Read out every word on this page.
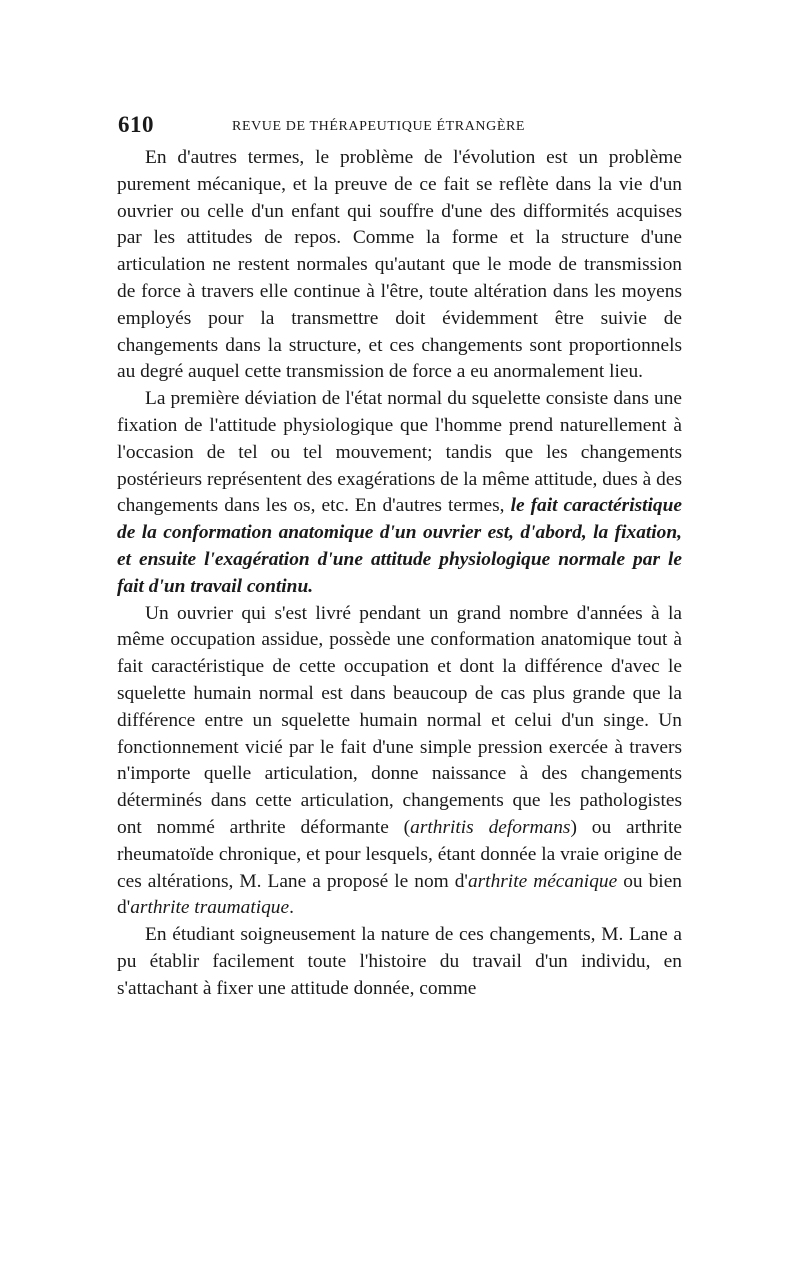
610	REVUE DE THÉRAPEUTIQUE ÉTRANGÈRE

En d'autres termes, le problème de l'évolution est un problème purement mécanique, et la preuve de ce fait se reflète dans la vie d'un ouvrier ou celle d'un enfant qui souffre d'une des difformités acquises par les attitudes de repos. Comme la forme et la structure d'une articulation ne restent normales qu'autant que le mode de transmission de force à travers elle continue à l'être, toute altération dans les moyens employés pour la transmettre doit évidemment être suivie de changements dans la structure, et ces changements sont proportionnels au degré auquel cette transmission de force a eu anormalement lieu.

La première déviation de l'état normal du squelette consiste dans une fixation de l'attitude physiologique que l'homme prend naturellement à l'occasion de tel ou tel mouvement; tandis que les changements postérieurs représentent des exagérations de la même attitude, dues à des changements dans les os, etc. En d'autres termes, le fait caractéristique de la conformation anatomique d'un ouvrier est, d'abord, la fixation, et ensuite l'exagération d'une attitude physiologique normale par le fait d'un travail continu.

Un ouvrier qui s'est livré pendant un grand nombre d'années à la même occupation assidue, possède une conformation anatomique tout à fait caractéristique de cette occupation et dont la différence d'avec le squelette humain normal est dans beaucoup de cas plus grande que la différence entre un squelette humain normal et celui d'un singe. Un fonctionnement vicié par le fait d'une simple pression exercée à travers n'importe quelle articulation, donne naissance à des changements déterminés dans cette articulation, changements que les pathologistes ont nommé arthrite déformante (arthritis deformans) ou arthrite rheumatoïde chronique, et pour lesquels, étant donnée la vraie origine de ces altérations, M. Lane a proposé le nom d'arthrite mécanique ou bien d'arthrite traumatique.

En étudiant soigneusement la nature de ces changements, M. Lane a pu établir facilement toute l'histoire du travail d'un individu, en s'attachant à fixer une attitude donnée, comme
